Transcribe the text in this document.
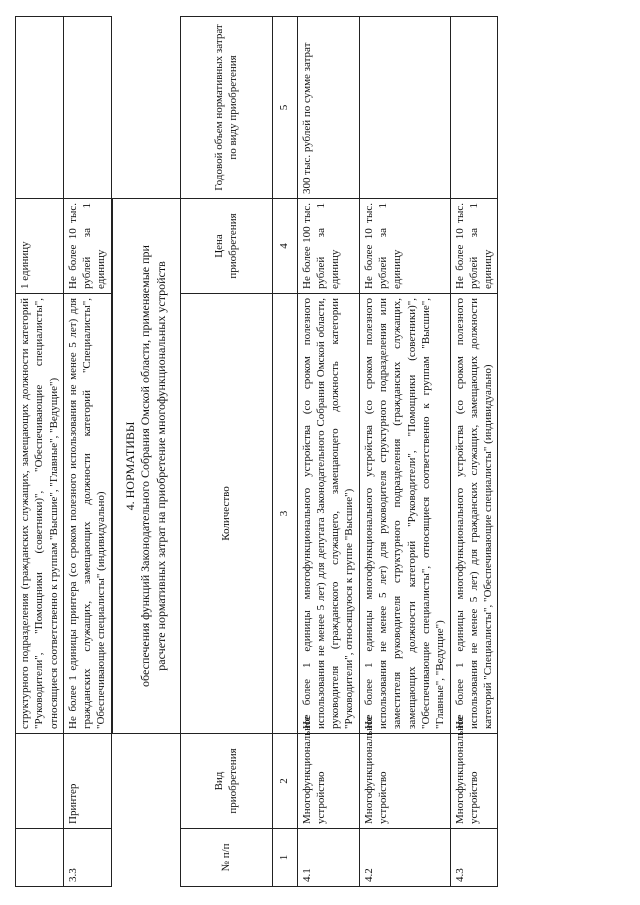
		структурного подразделения (гражданских служащих, замещающих должности категорий "Руководители", "Помощники (советники)", "Обеспечивающие специалисты", относящиеся соответственно к группам "Высшие", "Главные", "Ведущие")	1 единицу	
3.3	Принтер	Не более 1 единицы принтера (со сроком полезного использования не менее 5 лет) для гражданских служащих, замещающих должности категорий "Специалисты", "Обеспечивающие специалисты" (индивидуально)	Не более 10 тыс. рублей за 1 единицу	

		4. НОРМАТИВЫ обеспечения функций Законодательного Собрания Омской области, применяемые при расчете нормативных затрат на приобретение многофункциональных устройств		

№ п/п	Вид приобретения	Количество	Цена приобретения	Годовой объем нормативных затрат по виду приобретения
1	2	3	4	5
4.1	Многофункциональное устройство	Не более 1 единицы многофункционального устройства (со сроком полезного использования не менее 5 лет) для депутата Законодательного Собрания Омской области, руководителя (гражданского служащего, замещающего должность категории "Руководители", относящуюся к группе "Высшие")	Не более 100 тыс. рублей за 1 единицу	300 тыс. рублей по сумме затрат
4.2	Многофункциональное устройство	Не более 1 единицы многофункционального устройства (со сроком полезного использования не менее 5 лет) для руководителя структурного подразделения или заместителя руководителя структурного подразделения (гражданских служащих, замещающих должности категорий "Руководители", "Помощники (советники)", "Обеспечивающие специалисты", относящиеся соответственно к группам "Высшие", "Главные", "Ведущие")	Не более 10 тыс. рублей за 1 единицу	
4.3	Многофункциональное устройство	Не более 1 единицы многофункционального устройства (со сроком полезного использования не менее 5 лет) для гражданских служащих, замещающих должности категорий "Специалисты", "Обеспечивающие специалисты" (индивидуально)	Не более 10 тыс. рублей за 1 единицу	
